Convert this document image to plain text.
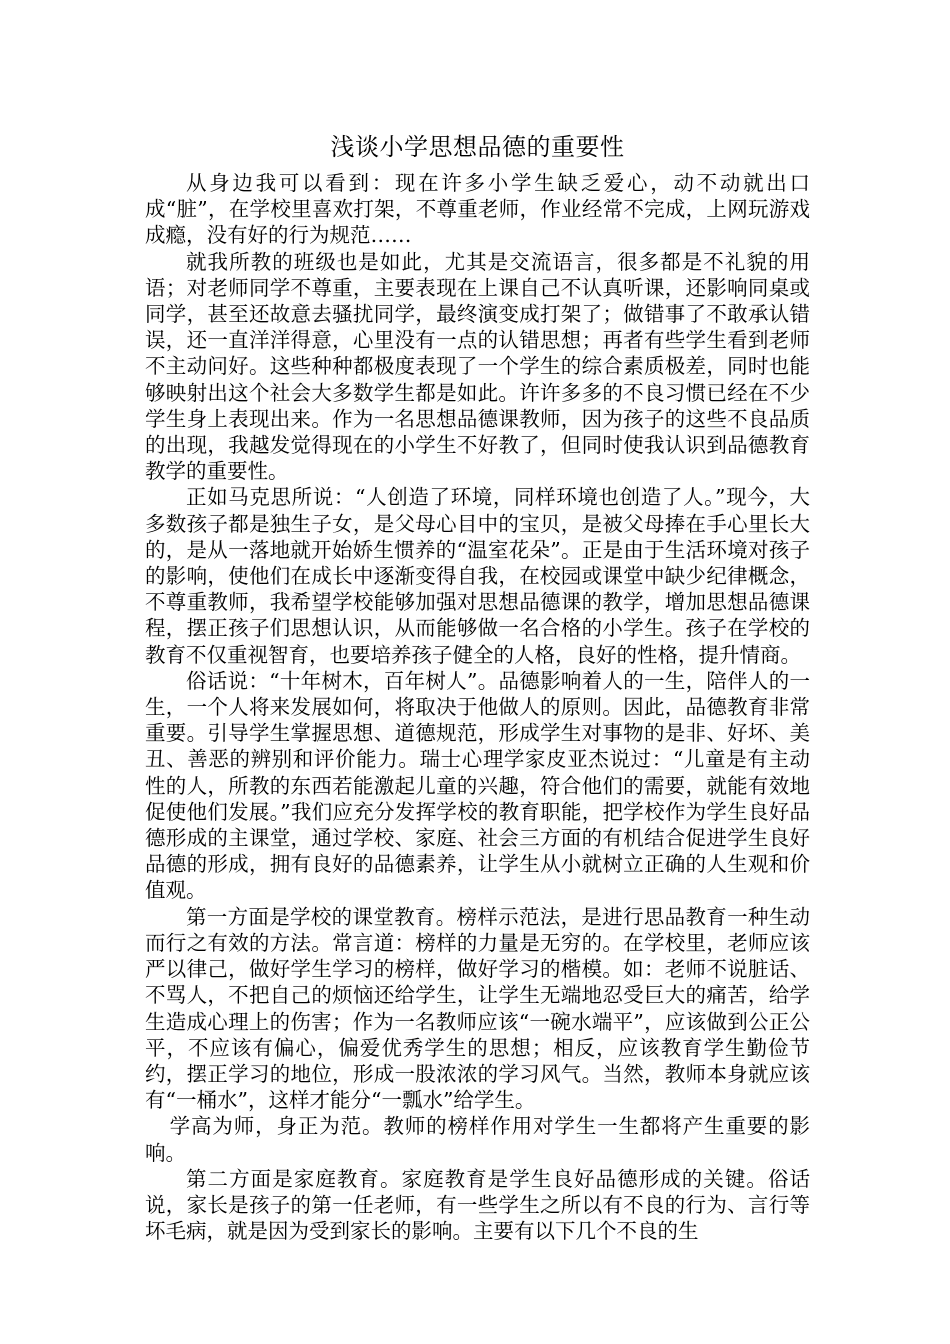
浅谈小学思想品德的重要性

从身边我可以看到：现在许多小学生缺乏爱心，动不动就出口成“脏”，在学校里喜欢打架，不尊重老师，作业经常不完成，上网玩游戏成瘾，没有好的行为规范……

就我所教的班级也是如此，尤其是交流语言，很多都是不礼貌的用语；对老师同学不尊重，主要表现在上课自己不认真听课，还影响同桌或同学，甚至还故意去骚扰同学，最终演变成打架了；做错事了不敢承认错误，还一直洋洋得意，心里没有一点的认错思想；再者有些学生看到老师不主动问好。这些种种都极度表现了一个学生的综合素质极差，同时也能够映射出这个社会大多数学生都是如此。许许多多的不良习惯已经在不少学生身上表现出来。作为一名思想品德课教师，因为孩子的这些不良品质的出现，我越发觉得现在的小学生不好教了，但同时使我认识到品德教育教学的重要性。

正如马克思所说：“人创造了环境，同样环境也创造了人。”现今，大多数孩子都是独生子女，是父母心目中的宝贝，是被父母捧在手心里长大的，是从一落地就开始娇生惯养的“温室花朵”。正是由于生活环境对孩子的影响，使他们在成长中逐渐变得自我，在校园或课堂中缺少纪律概念，不尊重教师，我希望学校能够加强对思想品德课的教学，增加思想品德课程，摆正孩子们思想认识，从而能够做一名合格的小学生。孩子在学校的教育不仅重视智育，也要培养孩子健全的人格，良好的性格，提升情商。

俗话说：“十年树木，百年树人”。品德影响着人的一生，陪伴人的一生，一个人将来发展如何，将取决于他做人的原则。因此，品德教育非常重要。引导学生掌握思想、道德规范，形成学生对事物的是非、好坏、美丑、善恶的辨别和评价能力。瑞士心理学家皮亚杰说过：“儿童是有主动性的人，所教的东西若能激起儿童的兴趣，符合他们的需要，就能有效地促使他们发展。”我们应充分发挥学校的教育职能，把学校作为学生良好品德形成的主课堂，通过学校、家庭、社会三方面的有机结合促进学生良好品德的形成，拥有良好的品德素养，让学生从小就树立正确的人生观和价值观。

第一方面是学校的课堂教育。榜样示范法，是进行思品教育一种生动而行之有效的方法。常言道：榜样的力量是无穷的。在学校里，老师应该严以律己，做好学生学习的榜样，做好学习的楷模。如：老师不说脏话、不骂人，不把自己的烦恼还给学生，让学生无端地忍受巨大的痛苦，给学生造成心理上的伤害；作为一名教师应该“一碗水端平”，应该做到公正公平，不应该有偏心，偏爱优秀学生的思想；相反，应该教育学生勤俭节约，摆正学习的地位，形成一股浓浓的学习风气。当然，教师本身就应该有“一桶水”，这样才能分“一瓢水”给学生。

学高为师，身正为范。教师的榜样作用对学生一生都将产生重要的影响。

第二方面是家庭教育。家庭教育是学生良好品德形成的关键。俗话说，家长是孩子的第一任老师，有一些学生之所以有不良的行为、言行等坏毛病，就是因为受到家长的影响。主要有以下几个不良的生
